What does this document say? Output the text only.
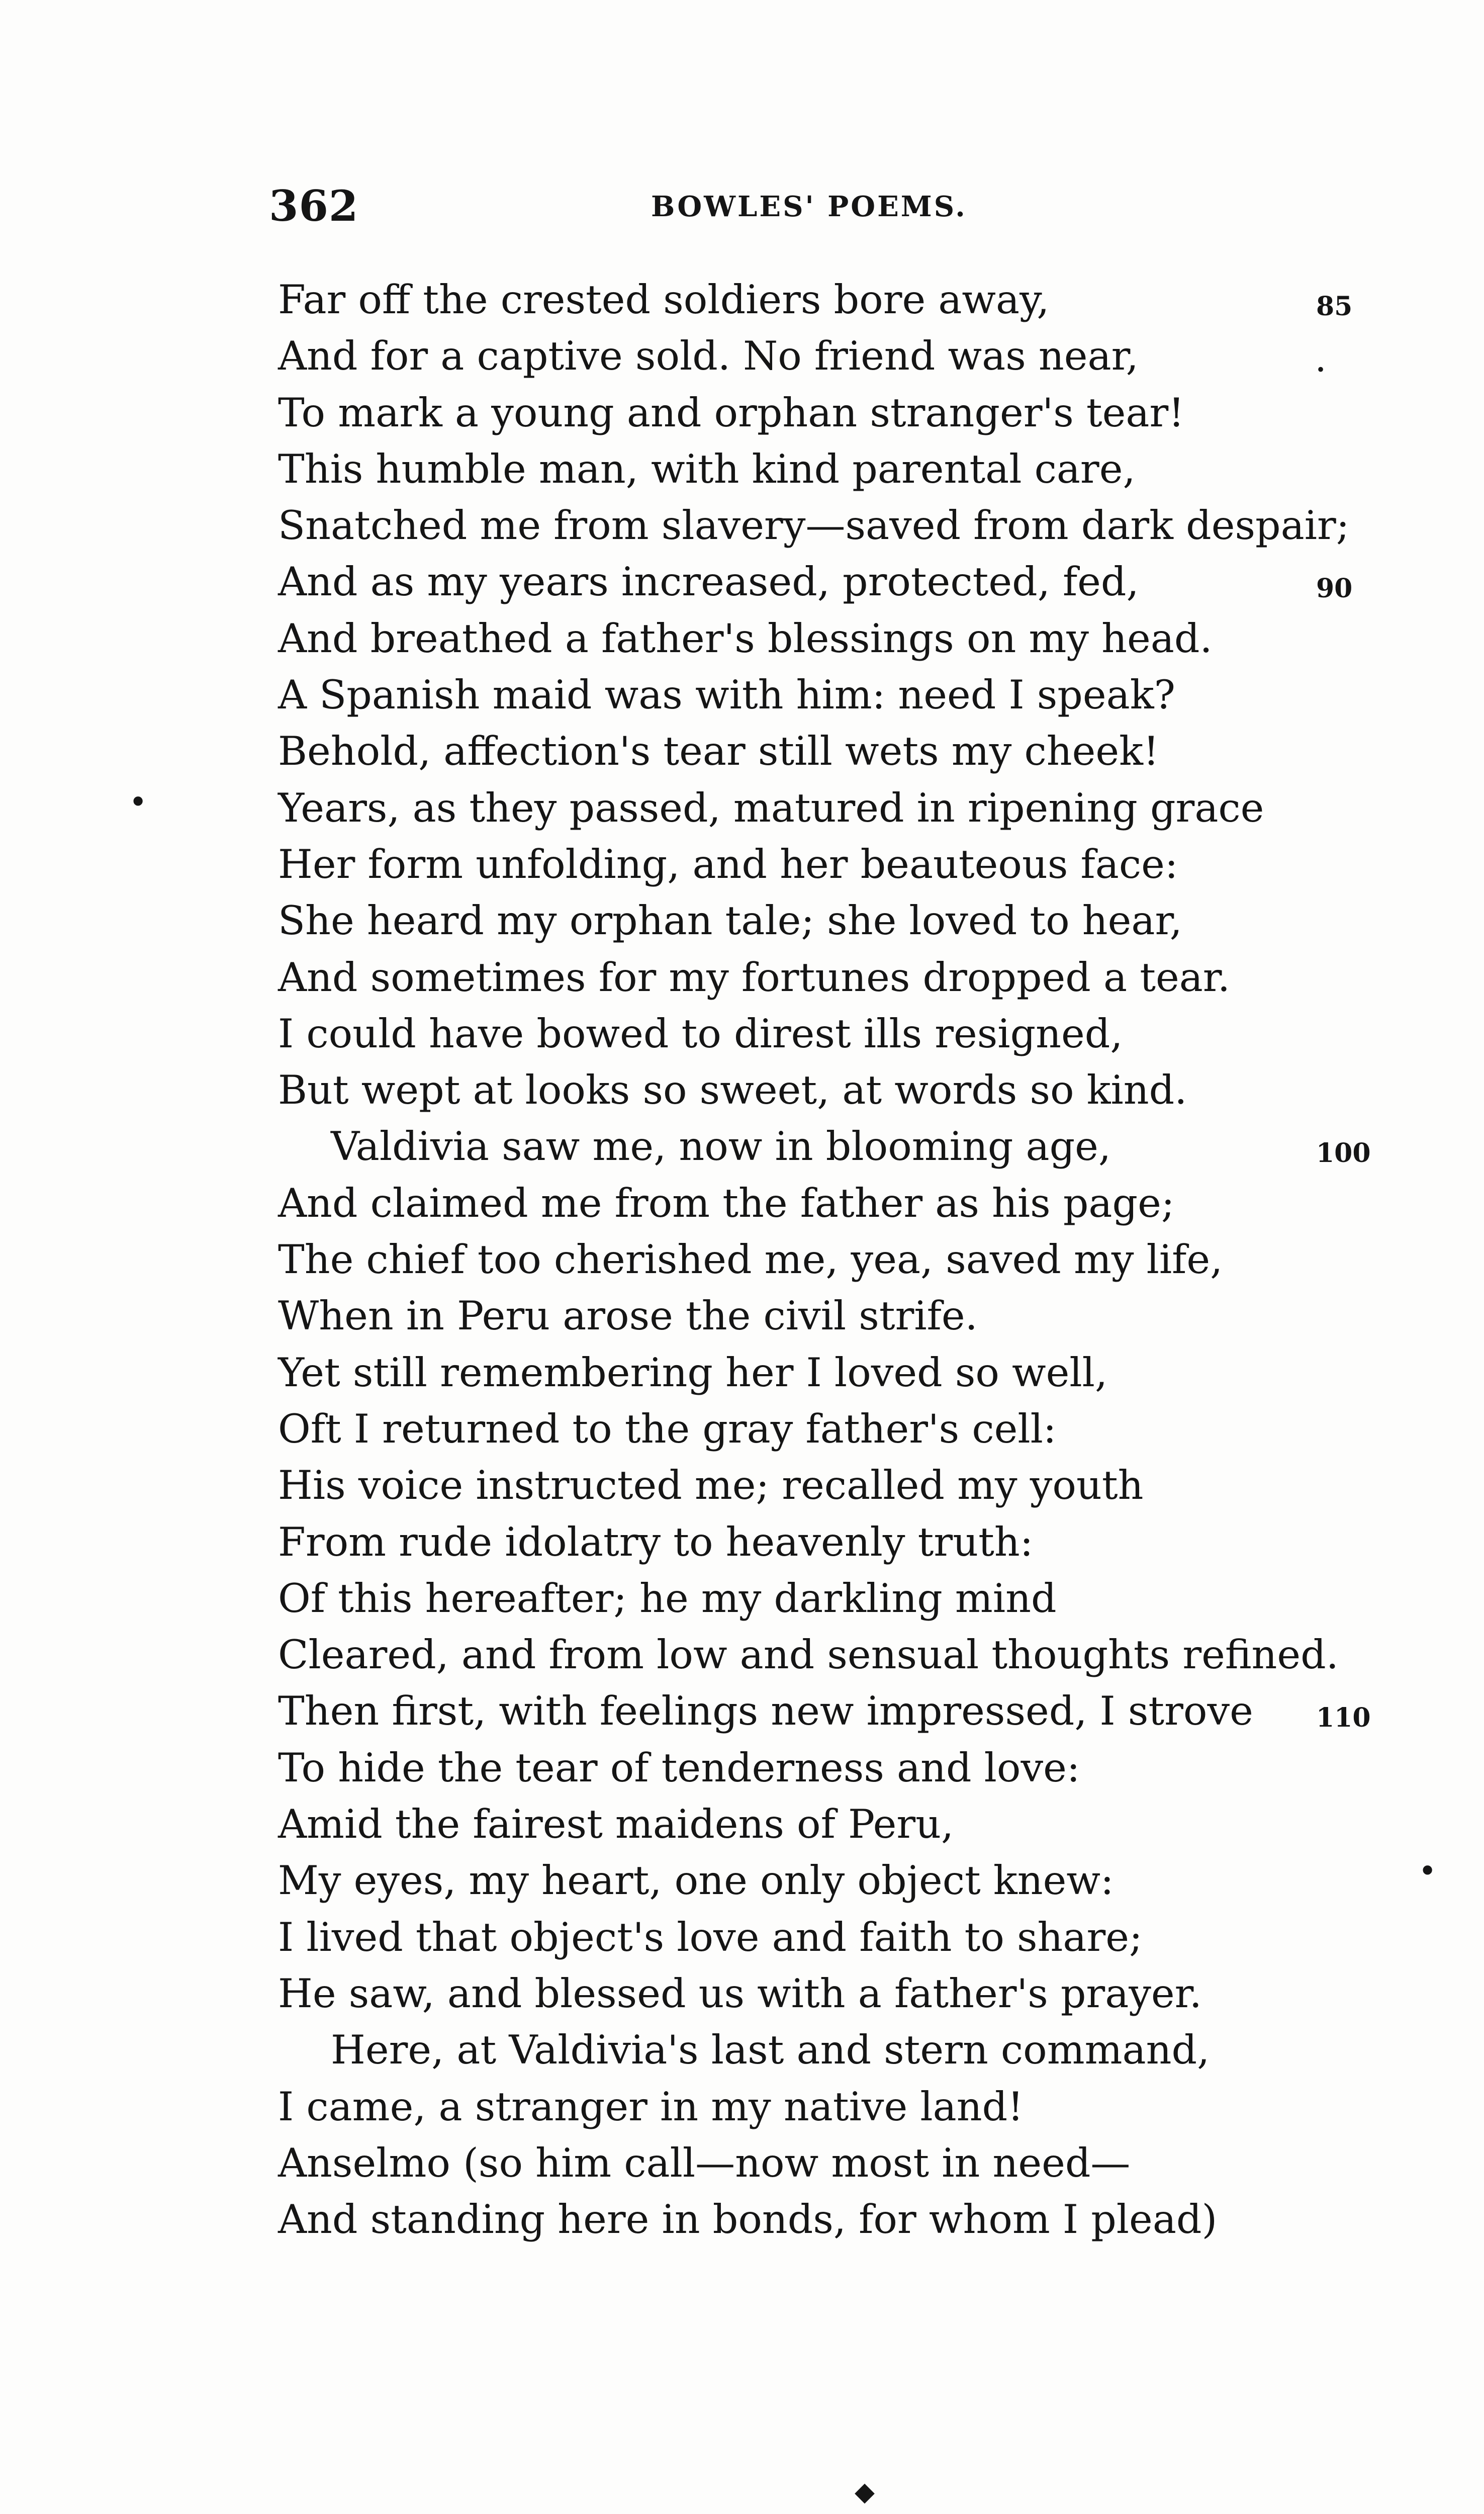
362	BOWLES' POEMS.
Far off the crested soldiers bore away,	85
And for a captive sold. No friend was near,	.
To mark a young and orphan stranger's tear!
This humble man, with kind parental care,
Snatched me from slavery—saved from dark despair;
And as my years increased, protected, fed,	90
And breathed a father's blessings on my head.
A Spanish maid was with him: need I speak?
Behold, affection's tear still wets my cheek!
Years, as they passed, matured in ripening grace
Her form unfolding, and her beauteous face:
She heard my orphan tale; she loved to hear,
And sometimes for my fortunes dropped a tear.
I could have bowed to direst ills resigned,
But wept at looks so sweet, at words so kind.
Valdivia saw me, now in blooming age,	100
And claimed me from the father as his page;
The chief too cherished me, yea, saved my life,
When in Peru arose the civil strife.
Yet still remembering her I loved so well,
Oft I returned to the gray father's cell:
His voice instructed me; recalled my youth
From rude idolatry to heavenly truth:
Of this hereafter; he my darkling mind
Cleared, and from low and sensual thoughts refined.
Then first, with feelings new impressed, I strove 110
To hide the tear of tenderness and love:
Amid the fairest maidens of Peru,
My eyes, my heart, one only object knew:
I lived that object's love and faith to share;
He saw, and blessed us with a father's prayer.
Here, at Valdivia's last and stern command,
I came, a stranger in my native land!
Anselmo (so him call—now most in need—
And standing here in bonds, for whom I plead)
•
•
◆
